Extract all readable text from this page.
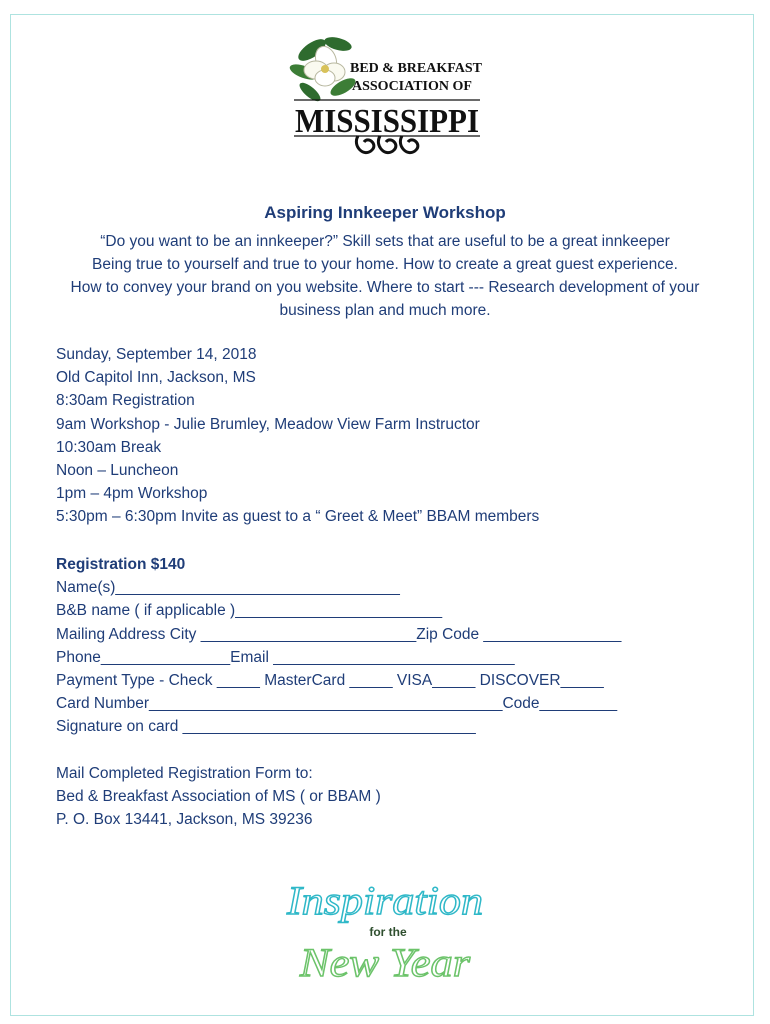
BED & BREAKFAST
ASSOCIATION OF
MISSISSIPPI
Aspiring Innkeeper Workshop
“Do you want to be an innkeeper?” Skill sets that are useful to be a great innkeeper
Being true to yourself and true to your home. How to create a great guest experience.
How to convey your brand on you website. Where to start --- Research development of your
business plan and much more.
Sunday, September 14, 2018
Old Capitol Inn, Jackson, MS
8:30am Registration
9am Workshop - Julie Brumley, Meadow View Farm Instructor
10:30am Break
Noon – Luncheon
1pm – 4pm Workshop
5:30pm – 6:30pm Invite as guest to a “ Greet & Meet” BBAM members
Registration $140
Name(s)_________________________________
B&B name ( if applicable )________________________
Mailing Address City _________________________Zip Code ________________
Phone_______________Email ____________________________
Payment Type - Check _____ MasterCard _____ VISA_____ DISCOVER_____
Card Number_________________________________________Code_________
Signature on card __________________________________
Mail Completed Registration Form to:
Bed & Breakfast Association of MS ( or BBAM )
P. O. Box 13441, Jackson, MS 39236
Inspiration
for the
New Year
